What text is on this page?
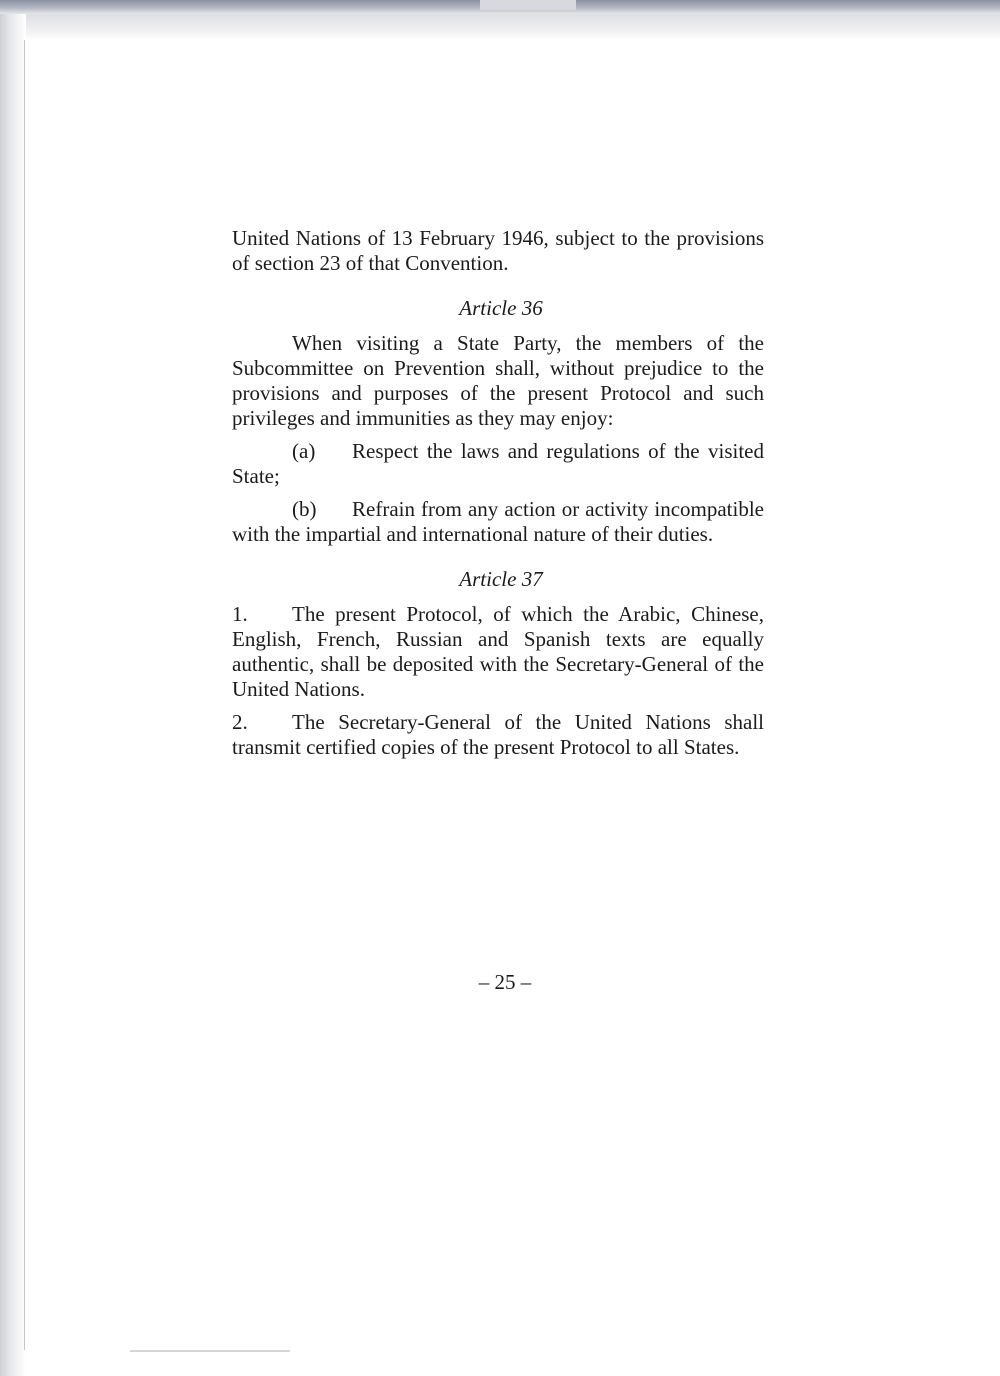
United Nations of 13 February 1946, subject to the provisions of section 23 of that Convention.

Article 36

When visiting a State Party, the members of the Subcommittee on Prevention shall, without prejudice to the provisions and purposes of the present Protocol and such privileges and immunities as they may enjoy:

(a) Respect the laws and regulations of the visited State;

(b) Refrain from any action or activity incompatible with the impartial and international nature of their duties.

Article 37

1. The present Protocol, of which the Arabic, Chinese, English, French, Russian and Spanish texts are equally authentic, shall be deposited with the Secretary-General of the United Nations.

2. The Secretary-General of the United Nations shall transmit certified copies of the present Protocol to all States.

– 25 –
